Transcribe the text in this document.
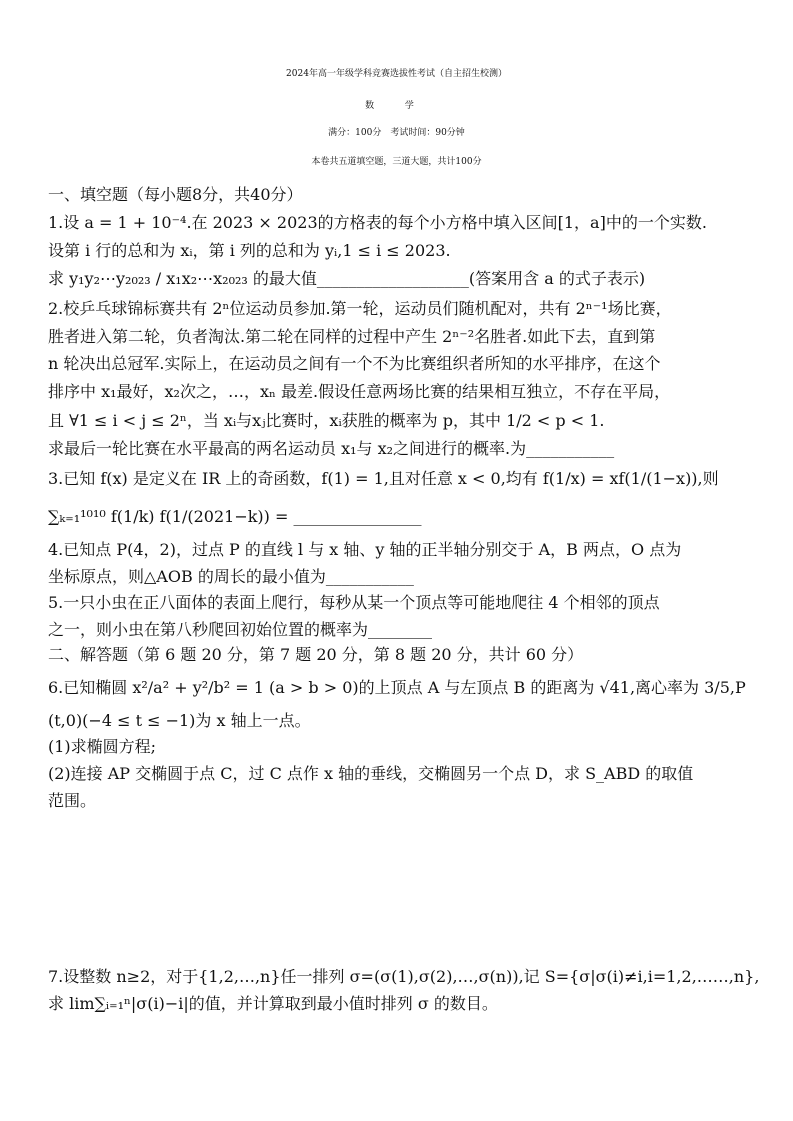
2024年高一年级学科竞赛选拔性考试（自主招生校测）
数 学
满分：100分　考试时间：90分钟
本卷共五道填空题，三道大题，共计100分
一、填空题（每小题8分，共40分）
1.设 a = 1 + 10⁻⁴.在 2023 × 2023的方格表的每个小方格中填入区间[1，a]中的一个实数.
设第 i 行的总和为 xᵢ，第 i 列的总和为 yᵢ,1 ≤ i ≤ 2023.
求 y₁y₂⋯y₂₀₂₃ / x₁x₂⋯x₂₀₂₃ 的最大值___________________(答案用含 a 的式子表示)
2.校乒乓球锦标赛共有 2ⁿ位运动员参加.第一轮，运动员们随机配对，共有 2ⁿ⁻¹场比赛，
胜者进入第二轮，负者淘汰.第二轮在同样的过程中产生 2ⁿ⁻²名胜者.如此下去，直到第
n 轮决出总冠军.实际上，在运动员之间有一个不为比赛组织者所知的水平排序，在这个
排序中 x₁最好，x₂次之，…，xₙ 最差.假设任意两场比赛的结果相互独立，不存在平局，
且 ∀1 ≤ i < j ≤ 2ⁿ，当 xᵢ与xⱼ比赛时，xᵢ获胜的概率为 p，其中 1/2 < p < 1.
求最后一轮比赛在水平最高的两名运动员 x₁与 x₂之间进行的概率.为___________
3.已知 f(x) 是定义在 IR 上的奇函数，f(1) = 1,且对任意 x < 0,均有 f(1/x) = xf(1/(1−x)),则
∑ₖ₌₁¹⁰¹⁰ f(1/k) f(1/(2021−k)) = ________________
4.已知点 P(4，2)，过点 P 的直线 l 与 x 轴、y 轴的正半轴分别交于 A，B 两点，O 点为
坐标原点，则△AOB 的周长的最小值为___________
5.一只小虫在正八面体的表面上爬行，每秒从某一个顶点等可能地爬往 4 个相邻的顶点
之一，则小虫在第八秒爬回初始位置的概率为________
二、解答题（第 6 题 20 分，第 7 题 20 分，第 8 题 20 分，共计 60 分）
6.已知椭圆 x²/a² + y²/b² = 1 (a > b > 0)的上顶点 A 与左顶点 B 的距离为 √41,离心率为 3/5,P
(t,0)(−4 ≤ t ≤ −1)为 x 轴上一点。
(1)求椭圆方程;
(2)连接 AP 交椭圆于点 C，过 C 点作 x 轴的垂线，交椭圆另一个点 D，求 S_ABD 的取值
范围。
7.设整数 n≥2，对于{1,2,…,n}任一排列 σ=(σ(1),σ(2),…,σ(n)),记 S={σ|σ(i)≠i,i=1,2,……,n},
求 lim∑ᵢ₌₁ⁿ|σ(i)−i|的值，并计算取到最小值时排列 σ 的数目。
